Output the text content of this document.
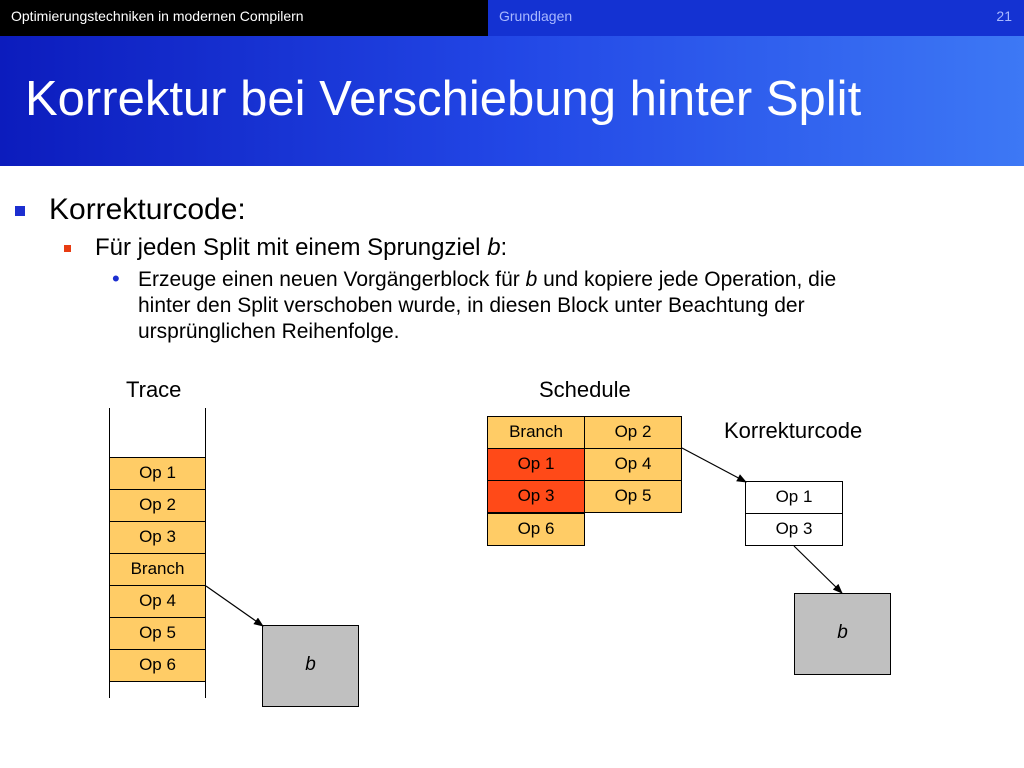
Optimierungstechniken in modernen Compilern	Grundlagen	21
Korrektur bei Verschiebung hinter Split
Korrekturcode:
Für jeden Split mit einem Sprungziel b:
• Erzeuge einen neuen Vorgängerblock für b und kopiere jede Operation, die
hinter den Split verschoben wurde, in diesen Block unter Beachtung der
ursprünglichen Reihenfolge.
Trace
Op 1
Op 2
Op 3
Branch
Op 4
Op 5
Op 6	b
Schedule
Branch	Op 2
Op 1	Op 4
Op 3	Op 5
Op 6
Korrekturcode
Op 1
Op 3
b
